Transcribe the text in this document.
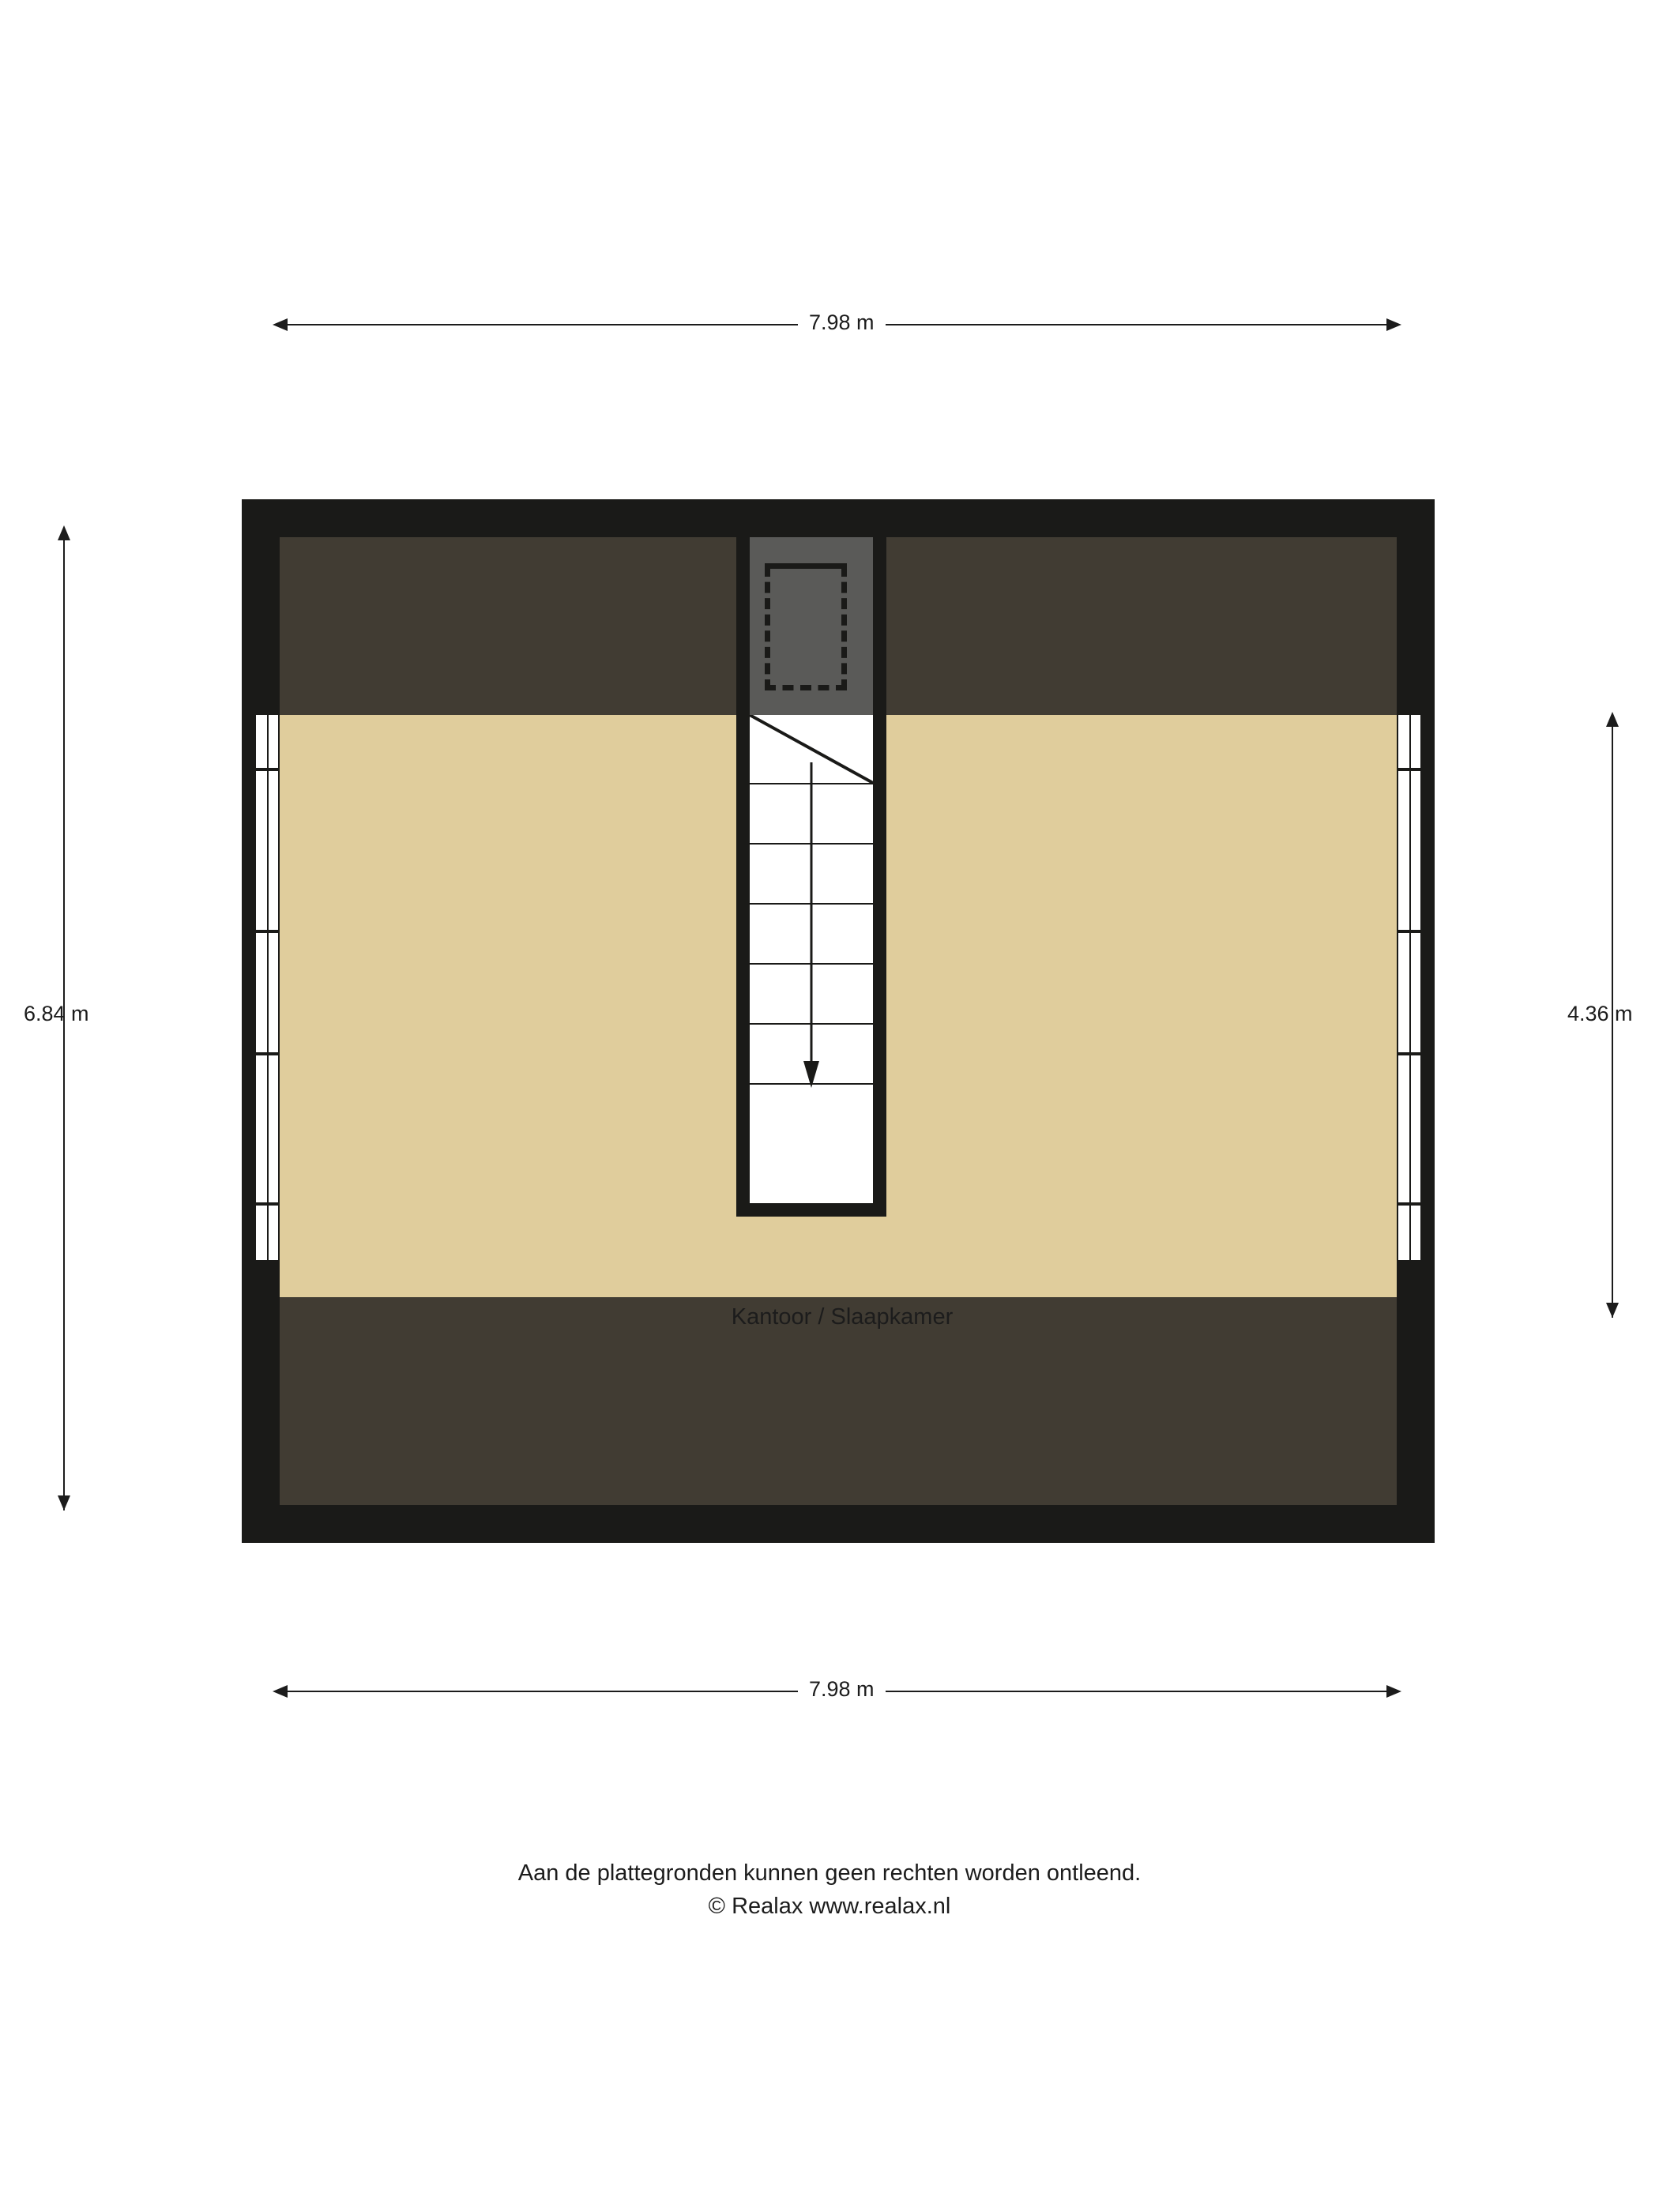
7.98 m
6.84 m	4.36 m
7.98 m
Kantoor / Slaapkamer
Aan de plattegronden kunnen geen rechten worden ontleend.
© Realax www.realax.nl
